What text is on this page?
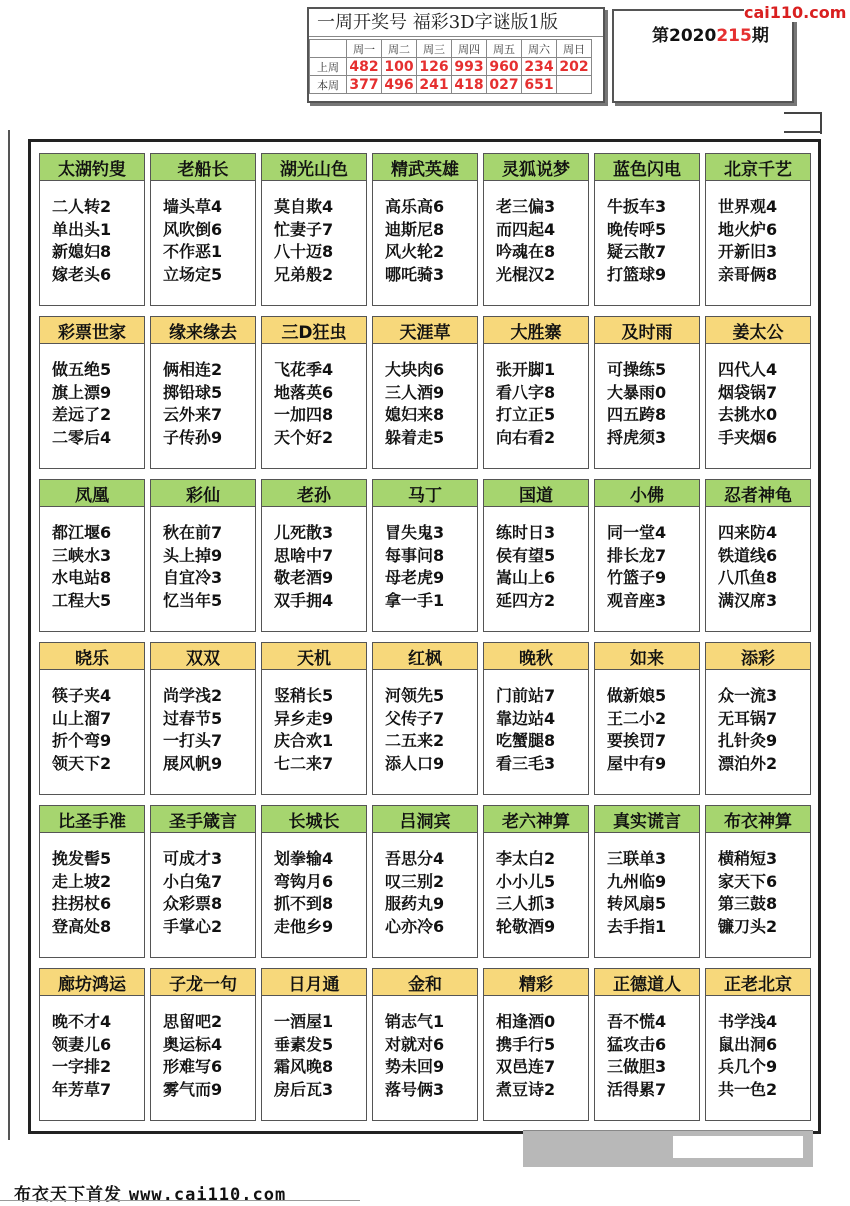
一周开奖号 福彩3D字谜版1版
	周一	周二	周三	周四	周五	周六	周日
上周	482	100	126	993	960	234	202
本周	377	496	241	418	027	651	
第2020215期
cai110.com
太湖钓叟
二人转2
单出头1
新媳妇8
嫁老头6
老船长
墙头草4
风吹倒6
不作恶1
立场定5
湖光山色
莫自欺4
忙妻子7
八十迈8
兄弟般2
精武英雄
高乐高6
迪斯尼8
风火轮2
哪吒骑3
灵狐说梦
老三偏3
而四起4
吟魂在8
光棍汉2
蓝色闪电
牛扳车3
晚传呼5
疑云散7
打篮球9
北京千艺
世界观4
地火炉6
开新旧3
亲哥俩8
彩票世家
做五绝5
旗上漂9
差远了2
二零后4
缘来缘去
俩相连2
掷铅球5
云外来7
子传孙9
三D狂虫
飞花季4
地落英6
一加四8
天个好2
天涯草
大块肉6
三人酒9
媳妇来8
躲着走5
大胜寨
张开脚1
看八字8
打立正5
向右看2
及时雨
可操练5
大暴雨0
四五跨8
捋虎须3
姜太公
四代人4
烟袋锅7
去挑水0
手夹烟6
凤凰
都江堰6
三峡水3
水电站8
工程大5
彩仙
秋在前7
头上掉9
自宜冷3
忆当年5
老孙
儿死散3
思啥中7
敬老酒9
双手拥4
马丁
冒失鬼3
每事问8
母老虎9
拿一手1
国道
练时日3
侯有望5
嵩山上6
延四方2
小佛
同一堂4
排长龙7
竹篮子9
观音座3
忍者神龟
四来防4
铁道线6
八爪鱼8
满汉席3
晓乐
筷子夹4
山上溜7
折个弯9
领天下2
双双
尚学浅2
过春节5
一打头7
展风帆9
天机
竖稍长5
异乡走9
庆合欢1
七二来7
红枫
河领先5
父传子7
二五来2
添人口9
晚秋
门前站7
靠边站4
吃蟹腿8
看三毛3
如来
做新娘5
王二小2
要挨罚7
屋中有9
添彩
众一流3
无耳锅7
扎针灸9
漂泊外2
比圣手准
挽发髻5
走上坡2
拄拐杖6
登高处8
圣手箴言
可成才3
小白兔7
众彩票8
手掌心2
长城长
划拳输4
弯钩月6
抓不到8
走他乡9
吕洞宾
吾思分4
叹三别2
服药丸9
心亦冷6
老六神算
李太白2
小小儿5
三人抓3
轮敬酒9
真实谎言
三联单3
九州临9
转风扇5
去手指1
布衣神算
横稍短3
家天下6
第三鼓8
镰刀头2
廊坊鸿运
晚不才4
领妻儿6
一字排2
年芳草7
子龙一句
思留吧2
奥运标4
形难写6
雾气而9
日月通
一酒屋1
垂素发5
霜风晚8
房后瓦3
金和
销志气1
对就对6
势未回9
落号俩3
精彩
相逢酒0
携手行5
双邑连7
煮豆诗2
正德道人
吾不慌4
猛攻击6
三做胆3
活得累7
正老北京
书学浅4
鼠出洞6
兵几个9
共一色2
布衣天下首发 www.cai110.com
